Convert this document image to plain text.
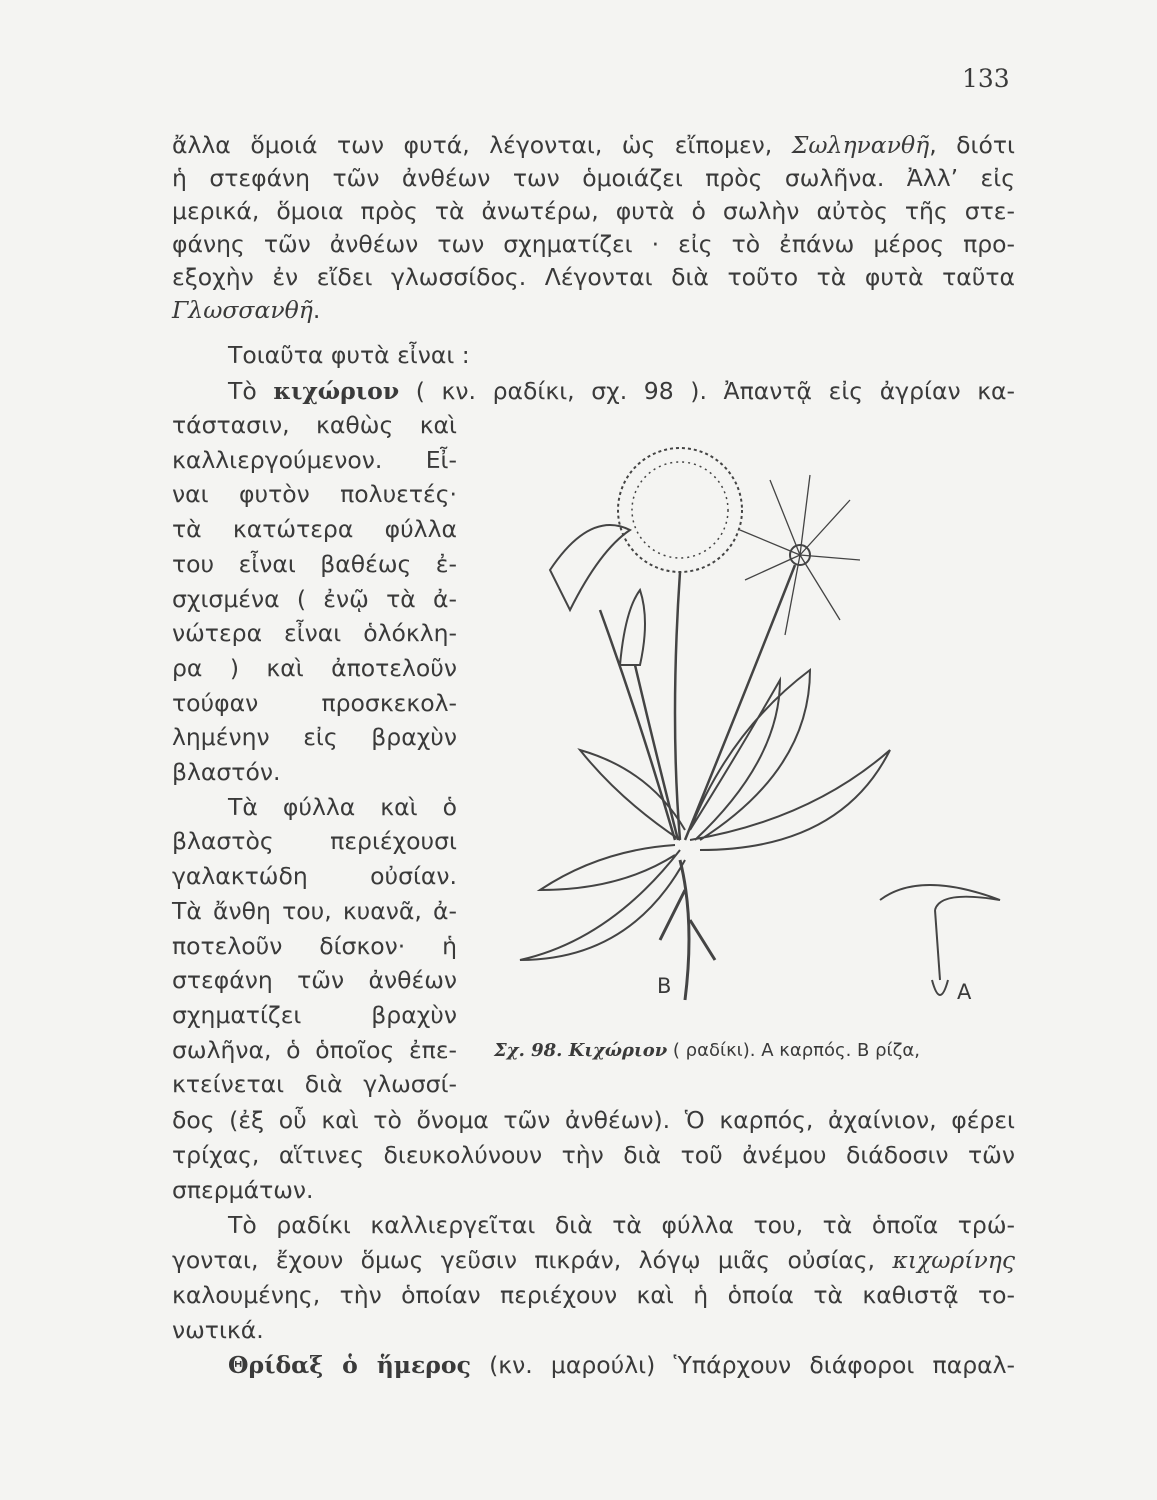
133
ἄλλα ὅμοιά των φυτά, λέγονται, ὡς εἴπομεν, Σωληνανθῆ, διότι
ἡ στεφάνη τῶν ἀνθέων των ὁμοιάζει πρὸς σωλῆνα. Ἀλλ’ εἰς
μερικά, ὅμοια πρὸς τὰ ἀνωτέρω, φυτὰ ὁ σωλὴν αὐτὸς τῆς στε-
φάνης τῶν ἀνθέων των σχηματίζει · εἰς τὸ ἐπάνω μέρος προ-
εξοχὴν ἐν εἴδει γλωσσίδος. Λέγονται διὰ τοῦτο τὰ φυτὰ ταῦτα
Γλωσσανθῆ.
Τοιαῦτα φυτὰ εἶναι :
Τὸ κιχώριον ( κν. ραδίκι, σχ. 98 ). Ἀπαντᾷ εἰς ἀγρίαν κα-
τάστασιν, καθὼς καὶ
καλλιεργούμενον. Εἶ-
ναι φυτὸν πολυετές·
τὰ κατώτερα φύλλα
του εἶναι βαθέως ἐ-
σχισμένα ( ἐνῷ τὰ ἀ-
νώτερα εἶναι ὁλόκλη-
ρα ) καὶ ἀποτελοῦν
τούφαν προσκεκολ-
λημένην εἰς βραχὺν
βλαστόν.
Τὰ φύλλα καὶ ὁ
βλαστὸς περιέχουσι
γαλακτώδη οὐσίαν.
Τὰ ἄνθη του, κυανᾶ, ἀ-
ποτελοῦν δίσκον· ἡ
στεφάνη τῶν ἀνθέων
σχηματίζει βραχὺν
σωλῆνα, ὁ ὁποῖος ἐπε-
κτείνεται διὰ γλωσσί-
δος (ἐξ οὗ καὶ τὸ ὄνομα τῶν ἀνθέων). Ὁ καρπός, ἀχαίνιον, φέρει
τρίχας, αἵτινες διευκολύνουν τὴν διὰ τοῦ ἀνέμου διάδοσιν τῶν
σπερμάτων.
Τὸ ραδίκι καλλιεργεῖται διὰ τὰ φύλλα του, τὰ ὁποῖα τρώ-
γονται, ἔχουν ὅμως γεῦσιν πικράν, λόγῳ μιᾶς οὐσίας, κιχωρίνης
καλουμένης, τὴν ὁποίαν περιέχουν καὶ ἡ ὁποία τὰ καθιστᾷ το-
νωτικά.
Θρίδαξ ὁ ἥμερος (κν. μαρούλι) Ὑπάρχουν διάφοροι παραλ-
B	A
Σχ. 98. Κιχώριον ( ραδίκι). Α καρπός. Β ρίζα,
